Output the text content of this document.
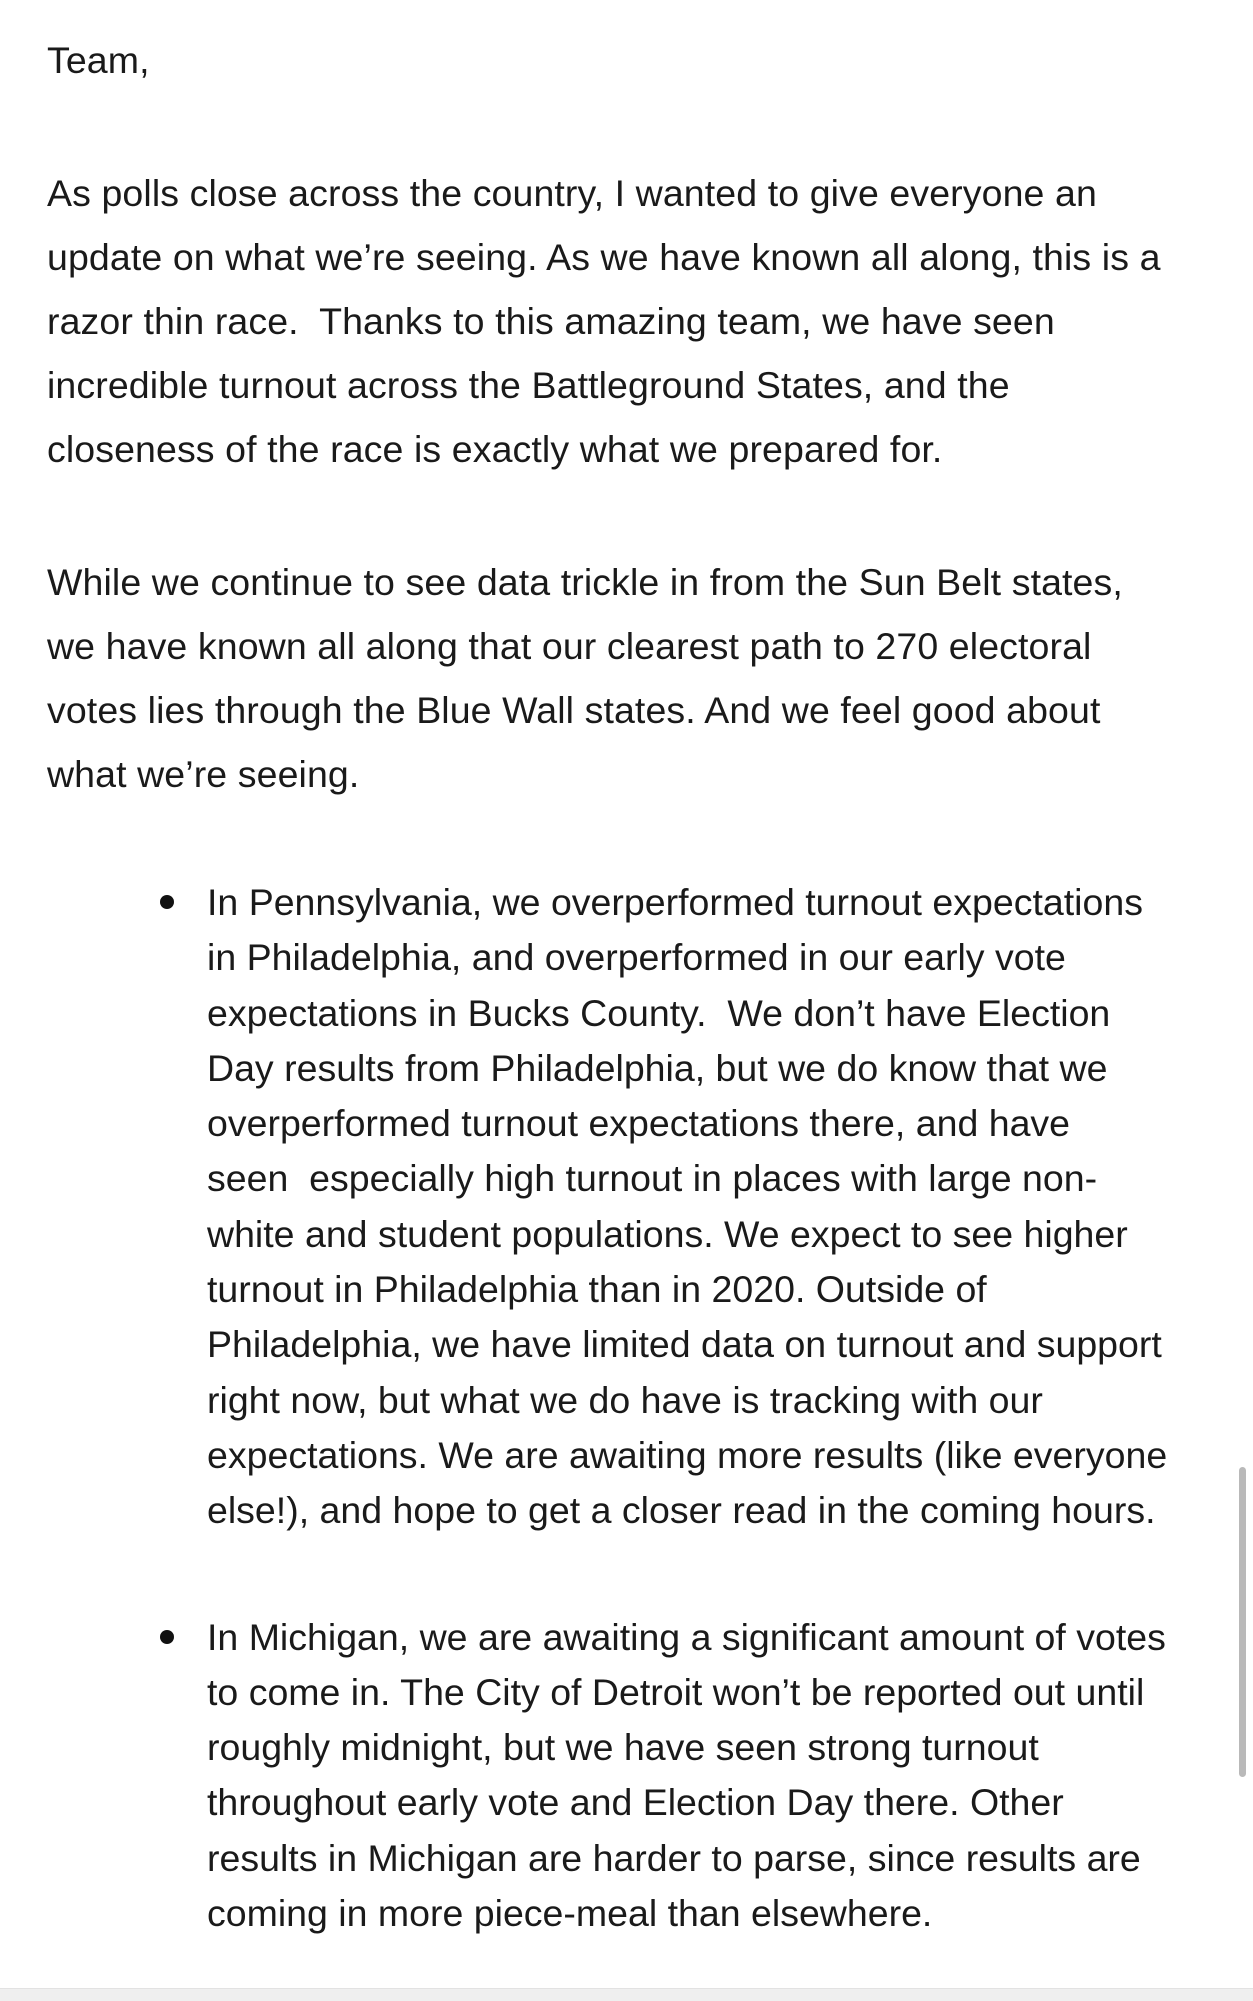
Team,

As polls close across the country, I wanted to give everyone an
update on what we’re seeing. As we have known all along, this is a
razor thin race.  Thanks to this amazing team, we have seen
incredible turnout across the Battleground States, and the
closeness of the race is exactly what we prepared for.

While we continue to see data trickle in from the Sun Belt states,
we have known all along that our clearest path to 270 electoral
votes lies through the Blue Wall states. And we feel good about
what we’re seeing.

In Pennsylvania, we overperformed turnout expectations
in Philadelphia, and overperformed in our early vote
expectations in Bucks County.  We don’t have Election
Day results from Philadelphia, but we do know that we
overperformed turnout expectations there, and have
seen  especially high turnout in places with large non-
white and student populations. We expect to see higher
turnout in Philadelphia than in 2020. Outside of
Philadelphia, we have limited data on turnout and support
right now, but what we do have is tracking with our
expectations. We are awaiting more results (like everyone
else!), and hope to get a closer read in the coming hours.
In Michigan, we are awaiting a significant amount of votes
to come in. The City of Detroit won’t be reported out until
roughly midnight, but we have seen strong turnout
throughout early vote and Election Day there. Other
results in Michigan are harder to parse, since results are
coming in more piece-meal than elsewhere.
